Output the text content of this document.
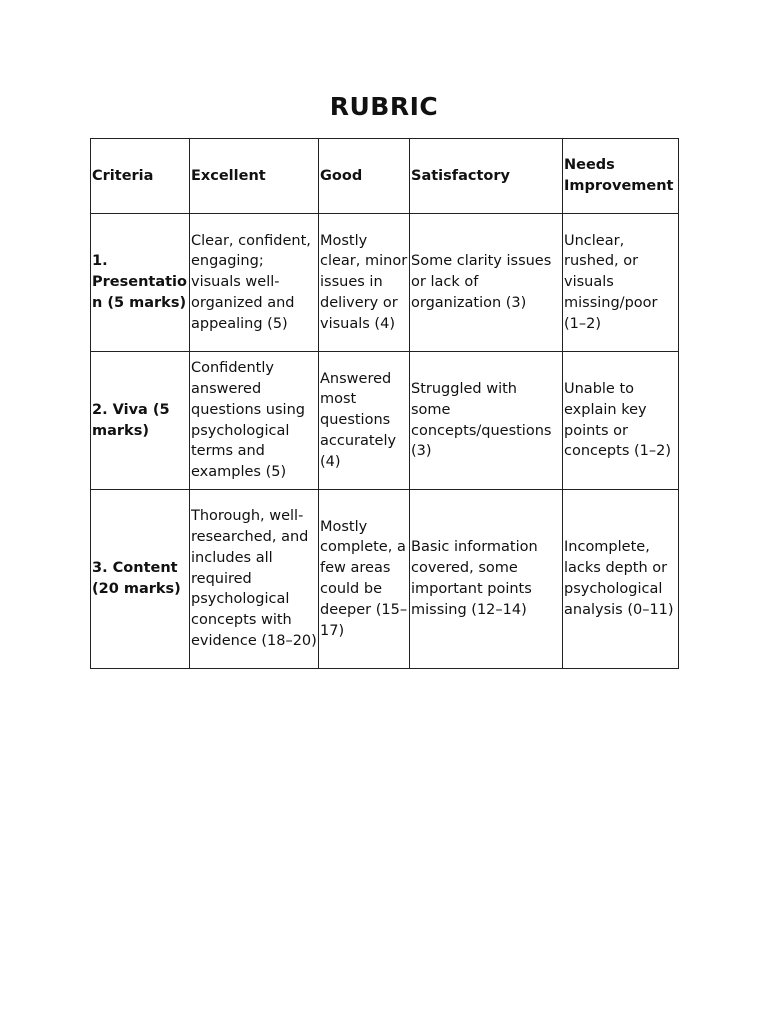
RUBRIC
Criteria	Excellent	Good	Satisfactory	Needs Improvement
1. Presentation (5 marks)	Clear, confident, engaging; visuals well-organized and appealing (5)	Mostly clear, minor issues in delivery or visuals (4)	Some clarity issues or lack of organization (3)	Unclear, rushed, or visuals missing/poor (1–2)
2. Viva (5 marks)	Confidently answered questions using psychological terms and examples (5)	Answered most questions accurately (4)	Struggled with some concepts/questions (3)	Unable to explain key points or concepts (1–2)
3. Content (20 marks)	Thorough, well-researched, and includes all required psychological concepts with evidence (18–20)	Mostly complete, a few areas could be deeper (15–17)	Basic information covered, some important points missing (12–14)	Incomplete, lacks depth or psychological analysis (0–11)
